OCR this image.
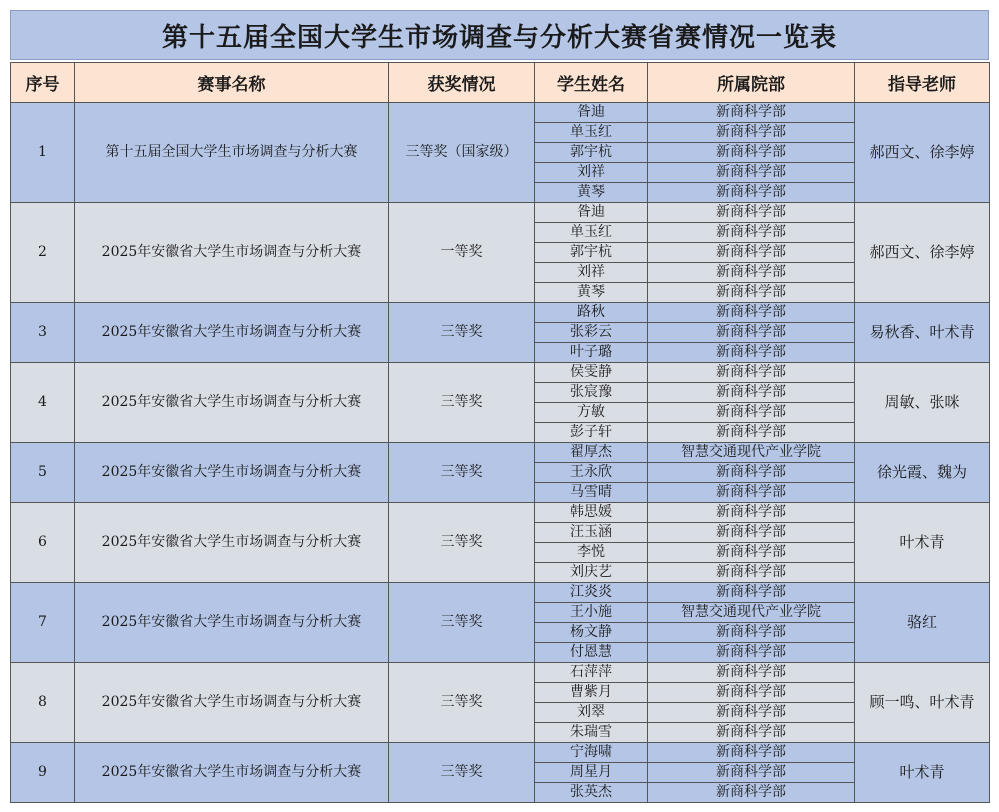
第十五届全国大学生市场调查与分析大赛省赛情况一览表
序号	赛事名称	获奖情况	学生姓名	所属院部	指导老师
1	第十五届全国大学生市场调查与分析大赛	三等奖（国家级）	昝迪	新商科学部	郝西文、徐李婷
			单玉红	新商科学部	
			郭宇杭	新商科学部	
			刘祥	新商科学部	
			黄琴	新商科学部	
2	2025年安徽省大学生市场调查与分析大赛	一等奖	昝迪	新商科学部	郝西文、徐李婷
			单玉红	新商科学部	
			郭宇杭	新商科学部	
			刘祥	新商科学部	
			黄琴	新商科学部	
3	2025年安徽省大学生市场调查与分析大赛	三等奖	路秋	新商科学部	易秋香、叶术青
			张彩云	新商科学部	
			叶子璐	新商科学部	
4	2025年安徽省大学生市场调查与分析大赛	三等奖	侯雯静	新商科学部	周敏、张咪
			张宸豫	新商科学部	
			方敏	新商科学部	
			彭子轩	新商科学部	
5	2025年安徽省大学生市场调查与分析大赛	三等奖	翟厚杰	智慧交通现代产业学院	徐光霞、魏为
			王永欣	新商科学部	
			马雪晴	新商科学部	
6	2025年安徽省大学生市场调查与分析大赛	三等奖	韩思媛	新商科学部	叶术青
			汪玉涵	新商科学部	
			李悦	新商科学部	
			刘庆艺	新商科学部	
7	2025年安徽省大学生市场调查与分析大赛	三等奖	江炎炎	新商科学部	骆红
			王小施	智慧交通现代产业学院	
			杨文静	新商科学部	
			付恩慧	新商科学部	
8	2025年安徽省大学生市场调查与分析大赛	三等奖	石萍萍	新商科学部	顾一鸣、叶术青
			曹紫月	新商科学部	
			刘翠	新商科学部	
			朱瑞雪	新商科学部	
9	2025年安徽省大学生市场调查与分析大赛	三等奖	宁海啸	新商科学部	叶术青
			周星月	新商科学部	
			张英杰	新商科学部	
